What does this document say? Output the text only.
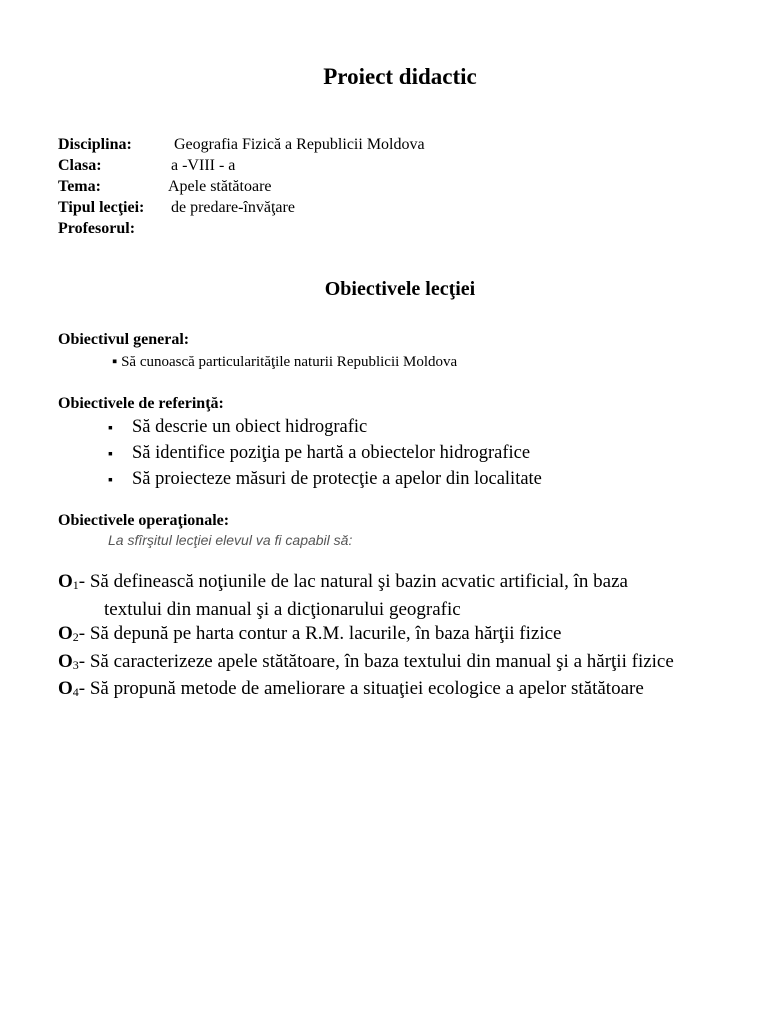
Proiect didactic
Disciplina:	Geografia Fizică a Republicii Moldova
Clasa:	a -VIII - a
Tema:	Apele stătătoare
Tipul lecţiei: de predare-învăţare
Profesorul:
Obiectivele lecţiei
Obiectivul general:
▪ Să cunoască particularităţile naturii Republicii Moldova
Obiectivele de referinţă:
▪ Să descrie un obiect hidrografic
▪ Să identifice poziţia pe hartă a obiectelor hidrografice
▪ Să proiecteze măsuri de protecţie a apelor din localitate
Obiectivele operaţionale:
La sfîrşitul lecţiei elevul va fi capabil să:
$O_1-$ Să definească noţiunile de lac natural şi bazin acvatic artificial, în baza
textului din manual şi a dicţionarului geografic
$O_2-$ Să depună pe harta contur a R.M. lacurile, în baza hărţii fizice
$O_3-$ Să caracterizeze apele stătătoare, în baza textului din manual şi a hărţii fizice
$O_4-$ Să propună metode de ameliorare a situaţiei ecologice a apelor stătătoare
